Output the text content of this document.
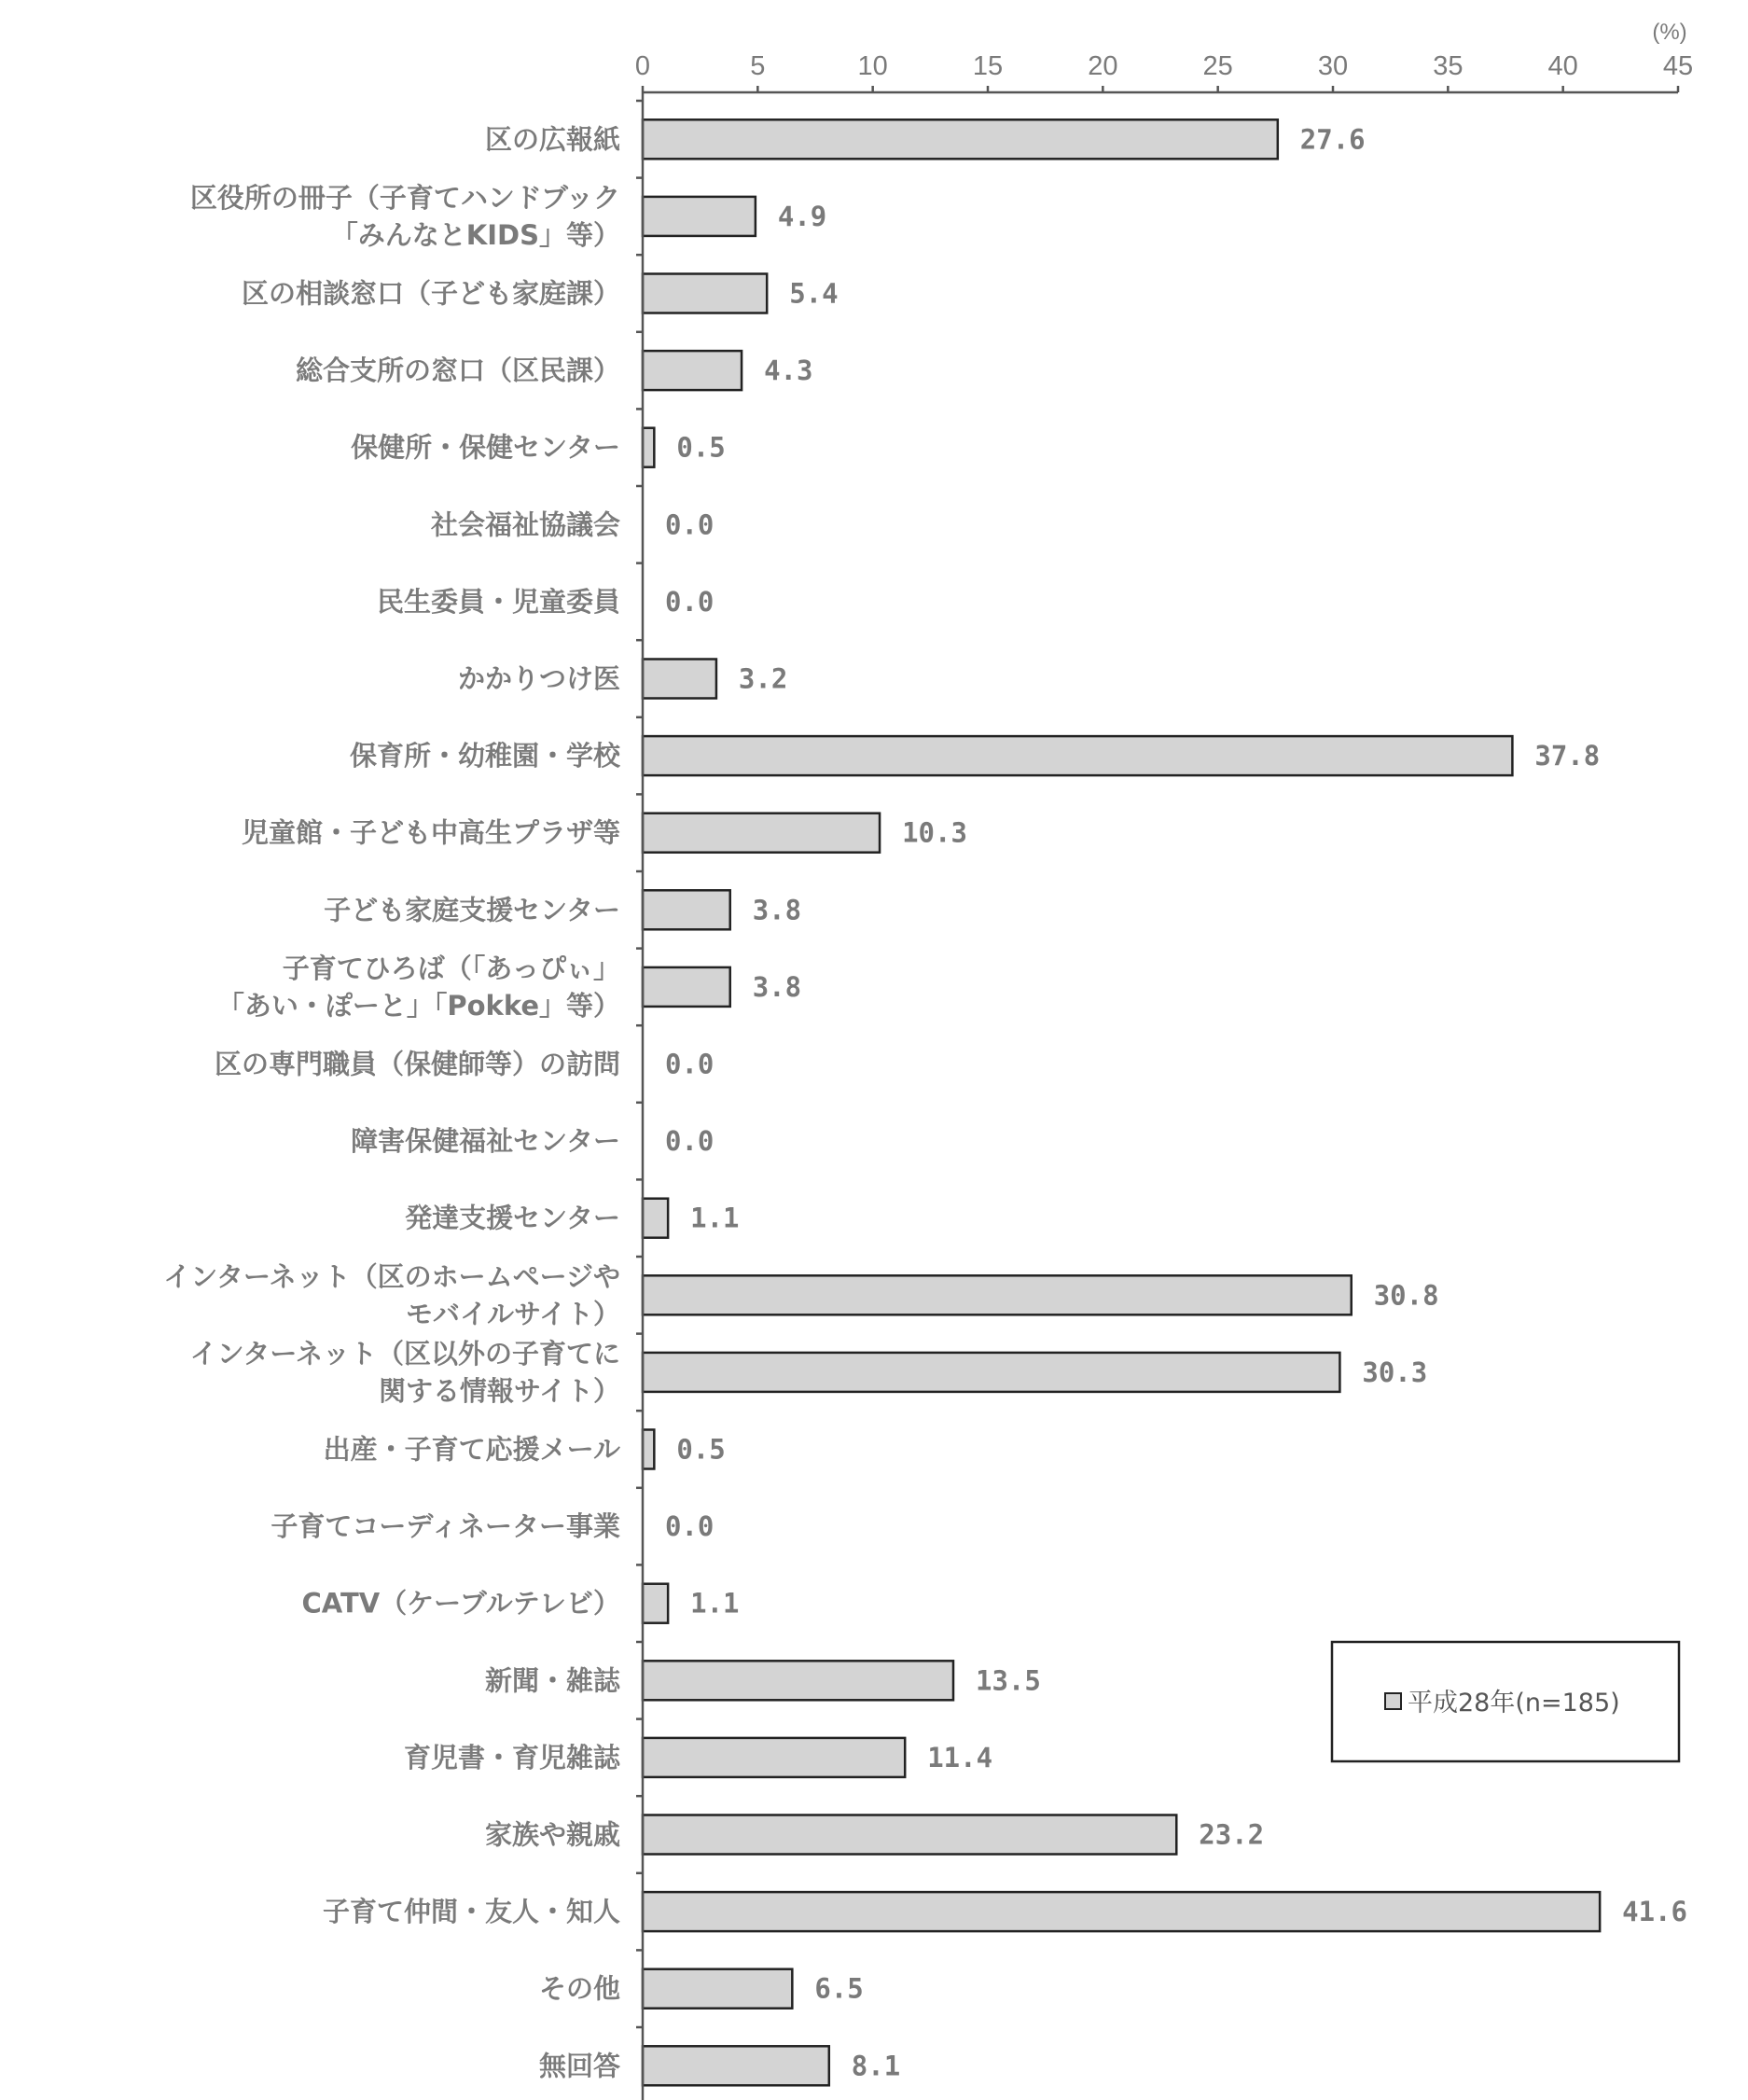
(%)
0	5	10	15	20	25	30	35	40	45
区の広報紙
区役所の冊子（子育てハンドブック
「みんなとKIDS」等）
区の相談窓口（子ども家庭課）
総合支所の窓口（区民課）
保健所・保健センター
社会福祉協議会
民生委員・児童委員
かかりつけ医
保育所・幼稚園・学校
児童館・子ども中高生プラザ等
子ども家庭支援センター
子育てひろば（「あっぴぃ」
「あい・ぽーと」「Pokke」等）
区の専門職員（保健師等）の訪問
障害保健福祉センター
発達支援センター
インターネット（区のホームページや
モバイルサイト）
インターネット（区以外の子育てに
関する情報サイト）
出産・子育て応援メール
子育てコーディネーター事業
CATV（ケーブルテレビ）
新聞・雑誌
育児書・育児雑誌
家族や親戚
子育て仲間・友人・知人
その他
無回答
27.6
4.9
5.4
4.3
0.5
0.0
0.0
3.2
37.8
10.3
3.8
3.8
0.0
0.0
1.1
30.8
30.3
0.5
0.0
1.1
13.5
11.4
23.2
41.6
6.5
8.1
平成28年(n=185)
